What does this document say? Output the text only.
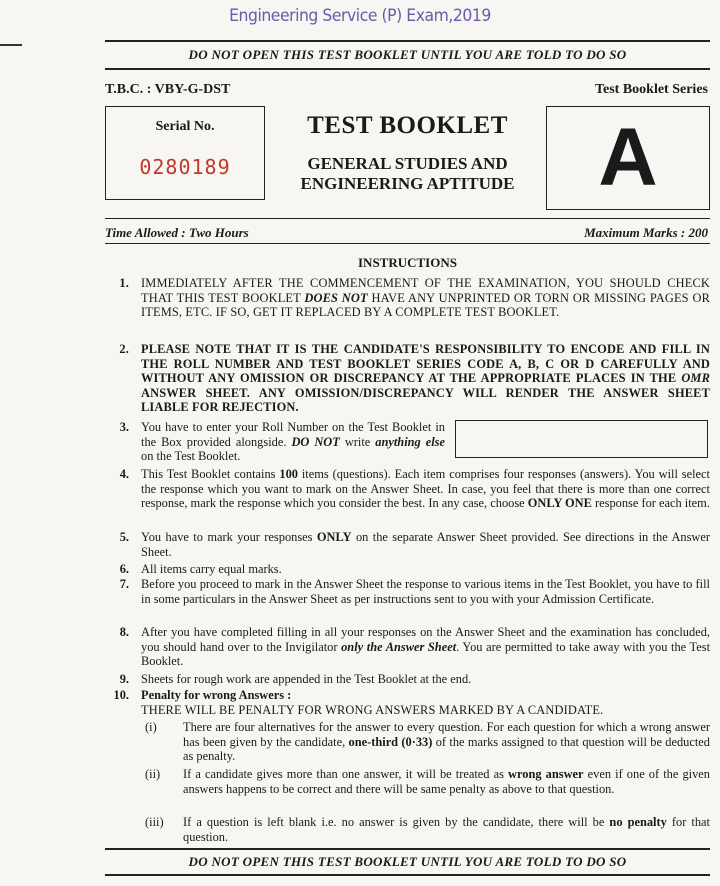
Engineering Service (P) Exam,2019
DO NOT OPEN THIS TEST BOOKLET UNTIL YOU ARE TOLD TO DO SO
T.B.C. : VBY-G-DST	Test Booklet Series
Serial No.
0280189
TEST BOOKLET
GENERAL STUDIES AND
ENGINEERING APTITUDE	A
Time Allowed : Two Hours	Maximum Marks : 200
INSTRUCTIONS
1. IMMEDIATELY AFTER THE COMMENCEMENT OF THE EXAMINATION, YOU SHOULD CHECK THAT THIS TEST BOOKLET DOES NOT HAVE ANY UNPRINTED OR TORN OR MISSING PAGES OR ITEMS, ETC. IF SO, GET IT REPLACED BY A COMPLETE TEST BOOKLET.
2. PLEASE NOTE THAT IT IS THE CANDIDATE'S RESPONSIBILITY TO ENCODE AND FILL IN THE ROLL NUMBER AND TEST BOOKLET SERIES CODE A, B, C OR D CAREFULLY AND WITHOUT ANY OMISSION OR DISCREPANCY AT THE APPROPRIATE PLACES IN THE OMR ANSWER SHEET. ANY OMISSION/DISCREPANCY WILL RENDER THE ANSWER SHEET LIABLE FOR REJECTION.
3. You have to enter your Roll Number on the Test Booklet in the Box provided alongside. DO NOT write anything else on the Test Booklet.
4. This Test Booklet contains 100 items (questions). Each item comprises four responses (answers). You will select the response which you want to mark on the Answer Sheet. In case, you feel that there is more than one correct response, mark the response which you consider the best. In any case, choose ONLY ONE response for each item.
5. You have to mark your responses ONLY on the separate Answer Sheet provided. See directions in the Answer Sheet.
6. All items carry equal marks.
7. Before you proceed to mark in the Answer Sheet the response to various items in the Test Booklet, you have to fill in some particulars in the Answer Sheet as per instructions sent to you with your Admission Certificate.
8. After you have completed filling in all your responses on the Answer Sheet and the examination has concluded, you should hand over to the Invigilator only the Answer Sheet. You are permitted to take away with you the Test Booklet.
9. Sheets for rough work are appended in the Test Booklet at the end.
10. Penalty for wrong Answers :
THERE WILL BE PENALTY FOR WRONG ANSWERS MARKED BY A CANDIDATE.
(i)	There are four alternatives for the answer to every question. For each question for which a wrong answer has been given by the candidate, one-third (0·33) of the marks assigned to that question will be deducted as penalty.
(ii)	If a candidate gives more than one answer, it will be treated as wrong answer even if one of the given answers happens to be correct and there will be same penalty as above to that question.
(iii) If a question is left blank i.e. no answer is given by the candidate, there will be no penalty for that question.
DO NOT OPEN THIS TEST BOOKLET UNTIL YOU ARE TOLD TO DO SO
